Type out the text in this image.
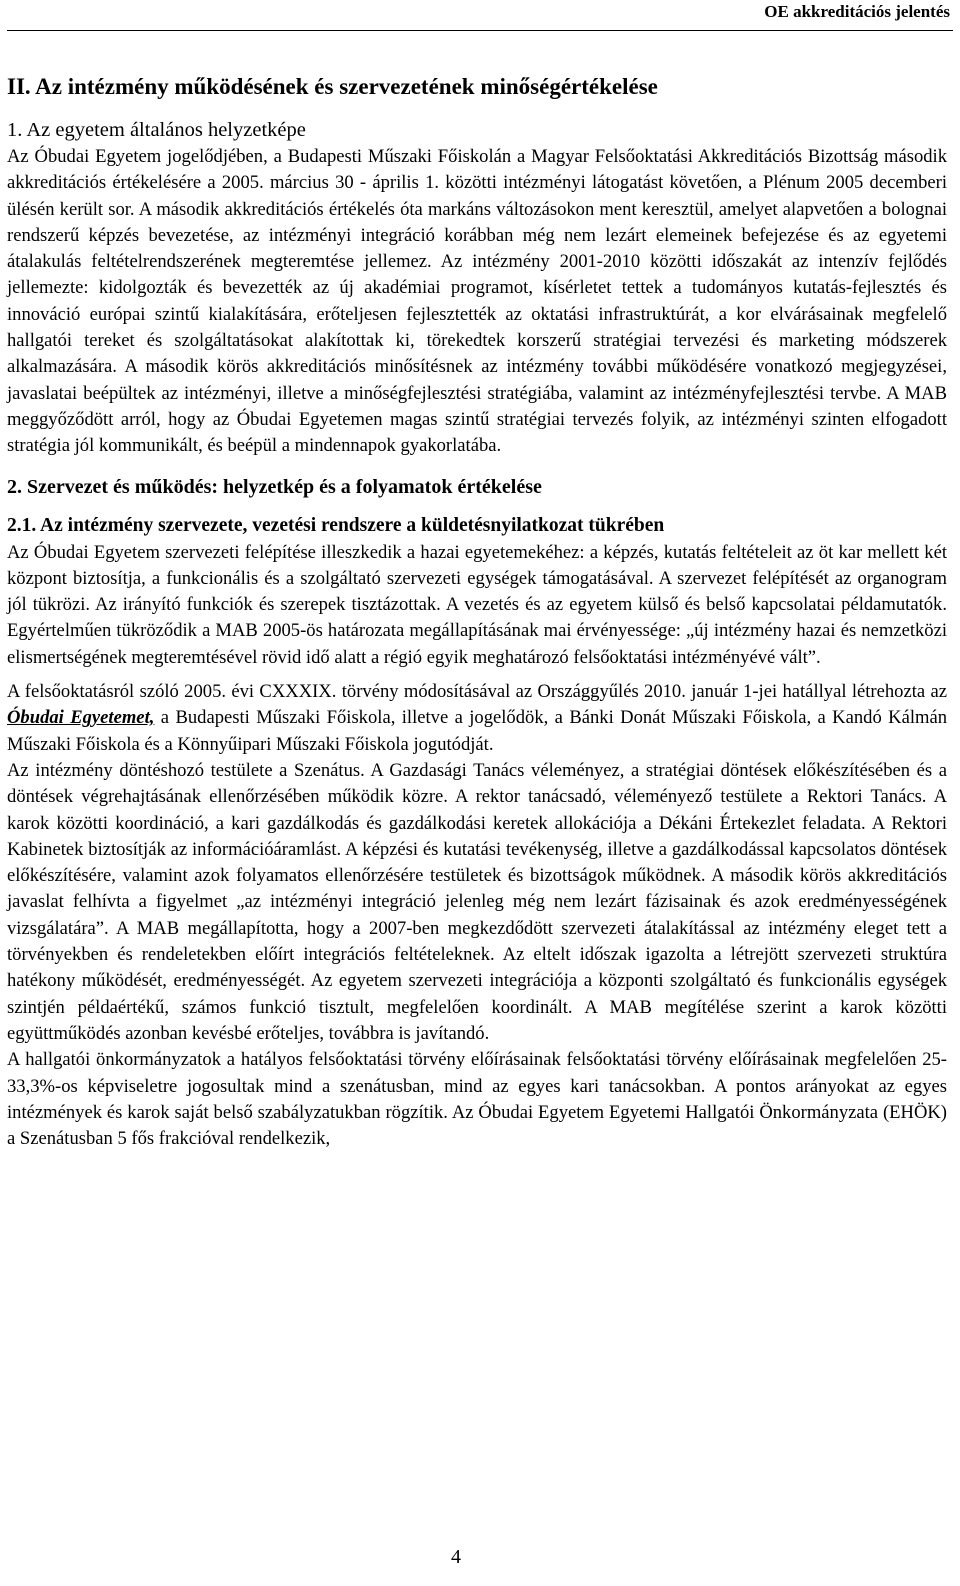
OE akkreditációs jelentés
II. Az intézmény működésének és szervezetének minőségértékelése
1. Az egyetem általános helyzetképe

Az Óbudai Egyetem jogelődjében, a Budapesti Műszaki Főiskolán a Magyar Felsőoktatási Akkreditációs Bizottság második akkreditációs értékelésére a 2005. március 30 - április 1. közötti intézményi látogatást követően, a Plénum 2005 decemberi ülésén került sor. A második akkreditációs értékelés óta markáns változásokon ment keresztül, amelyet alapvetően a bolognai rendszerű képzés bevezetése, az intézményi integráció korábban még nem lezárt elemeinek befejezése és az egyetemi átalakulás feltételrendszerének megteremtése jellemez. Az intézmény 2001-2010 közötti időszakát az intenzív fejlődés jellemezte: kidolgozták és bevezették az új akadémiai programot, kísérletet tettek a tudományos kutatás-fejlesztés és innováció európai szintű kialakítására, erőteljesen fejlesztették az oktatási infrastruktúrát, a kor elvárásainak megfelelő hallgatói tereket és szolgáltatásokat alakítottak ki, törekedtek korszerű stratégiai tervezési és marketing módszerek alkalmazására. A második körös akkreditációs minősítésnek az intézmény további működésére vonatkozó megjegyzései, javaslatai beépültek az intézményi, illetve a minőségfejlesztési stratégiába, valamint az intézményfejlesztési tervbe. A MAB meggyőződött arról, hogy az Óbudai Egyetemen magas szintű stratégiai tervezés folyik, az intézményi szinten elfogadott stratégia jól kommunikált, és beépül a mindennapok gyakorlatába.

2. Szervezet és működés: helyzetkép és a folyamatok értékelése
2.1. Az intézmény szervezete, vezetési rendszere a küldetésnyilatkozat tükrében

Az Óbudai Egyetem szervezeti felépítése illeszkedik a hazai egyetemekéhez: a képzés, kutatás feltételeit az öt kar mellett két központ biztosítja, a funkcionális és a szolgáltató szervezeti egységek támogatásával. A szervezet felépítését az organogram jól tükrözi. Az irányító funkciók és szerepek tisztázottak. A vezetés és az egyetem külső és belső kapcsolatai példamutatók. Egyértelműen tükröződik a MAB 2005-ös határozata megállapításának mai érvényessége: „új intézmény hazai és nemzetközi elismertségének megteremtésével rövid idő alatt a régió egyik meghatározó felsőoktatási intézményévé vált”.

A felsőoktatásról szóló 2005. évi CXXXIX. törvény módosításával az Országgyűlés 2010. január 1-jei hatállyal létrehozta az Óbudai Egyetemet, a Budapesti Műszaki Főiskola, illetve a jogelődök, a Bánki Donát Műszaki Főiskola, a Kandó Kálmán Műszaki Főiskola és a Könnyűipari Műszaki Főiskola jogutódját.

Az intézmény döntéshozó testülete a Szenátus. A Gazdasági Tanács véleményez, a stratégiai döntések előkészítésében és a döntések végrehajtásának ellenőrzésében működik közre. A rektor tanácsadó, véleményező testülete a Rektori Tanács. A karok közötti koordináció, a kari gazdálkodás és gazdálkodási keretek allokációja a Dékáni Értekezlet feladata. A Rektori Kabinetek biztosítják az információáramlást. A képzési és kutatási tevékenység, illetve a gazdálkodással kapcsolatos döntések előkészítésére, valamint azok folyamatos ellenőrzésére testületek és bizottságok működnek. A második körös akkreditációs javaslat felhívta a figyelmet „az intézményi integráció jelenleg még nem lezárt fázisainak és azok eredményességének vizsgálatára”. A MAB megállapította, hogy a 2007-ben megkezdődött szervezeti átalakítással az intézmény eleget tett a törvényekben és rendeletekben előírt integrációs feltételeknek. Az eltelt időszak igazolta a létrejött szervezeti struktúra hatékony működését, eredményességét. Az egyetem szervezeti integrációja a központi szolgáltató és funkcionális egységek szintjén példaértékű, számos funkció tisztult, megfelelően koordinált. A MAB megítélése szerint a karok közötti együttműködés azonban kevésbé erőteljes, továbbra is javítandó.

A hallgatói önkormányzatok a hatályos felsőoktatási törvény előírásainak felsőoktatási törvény előírásainak megfelelően 25-33,3%-os képviseletre jogosultak mind a szenátusban, mind az egyes kari tanácsokban. A pontos arányokat az egyes intézmények és karok saját belső szabályzatukban rögzítik. Az Óbudai Egyetem Egyetemi Hallgatói Önkormányzata (EHÖK) a Szenátusban 5 fős frakcióval rendelkezik,

4
